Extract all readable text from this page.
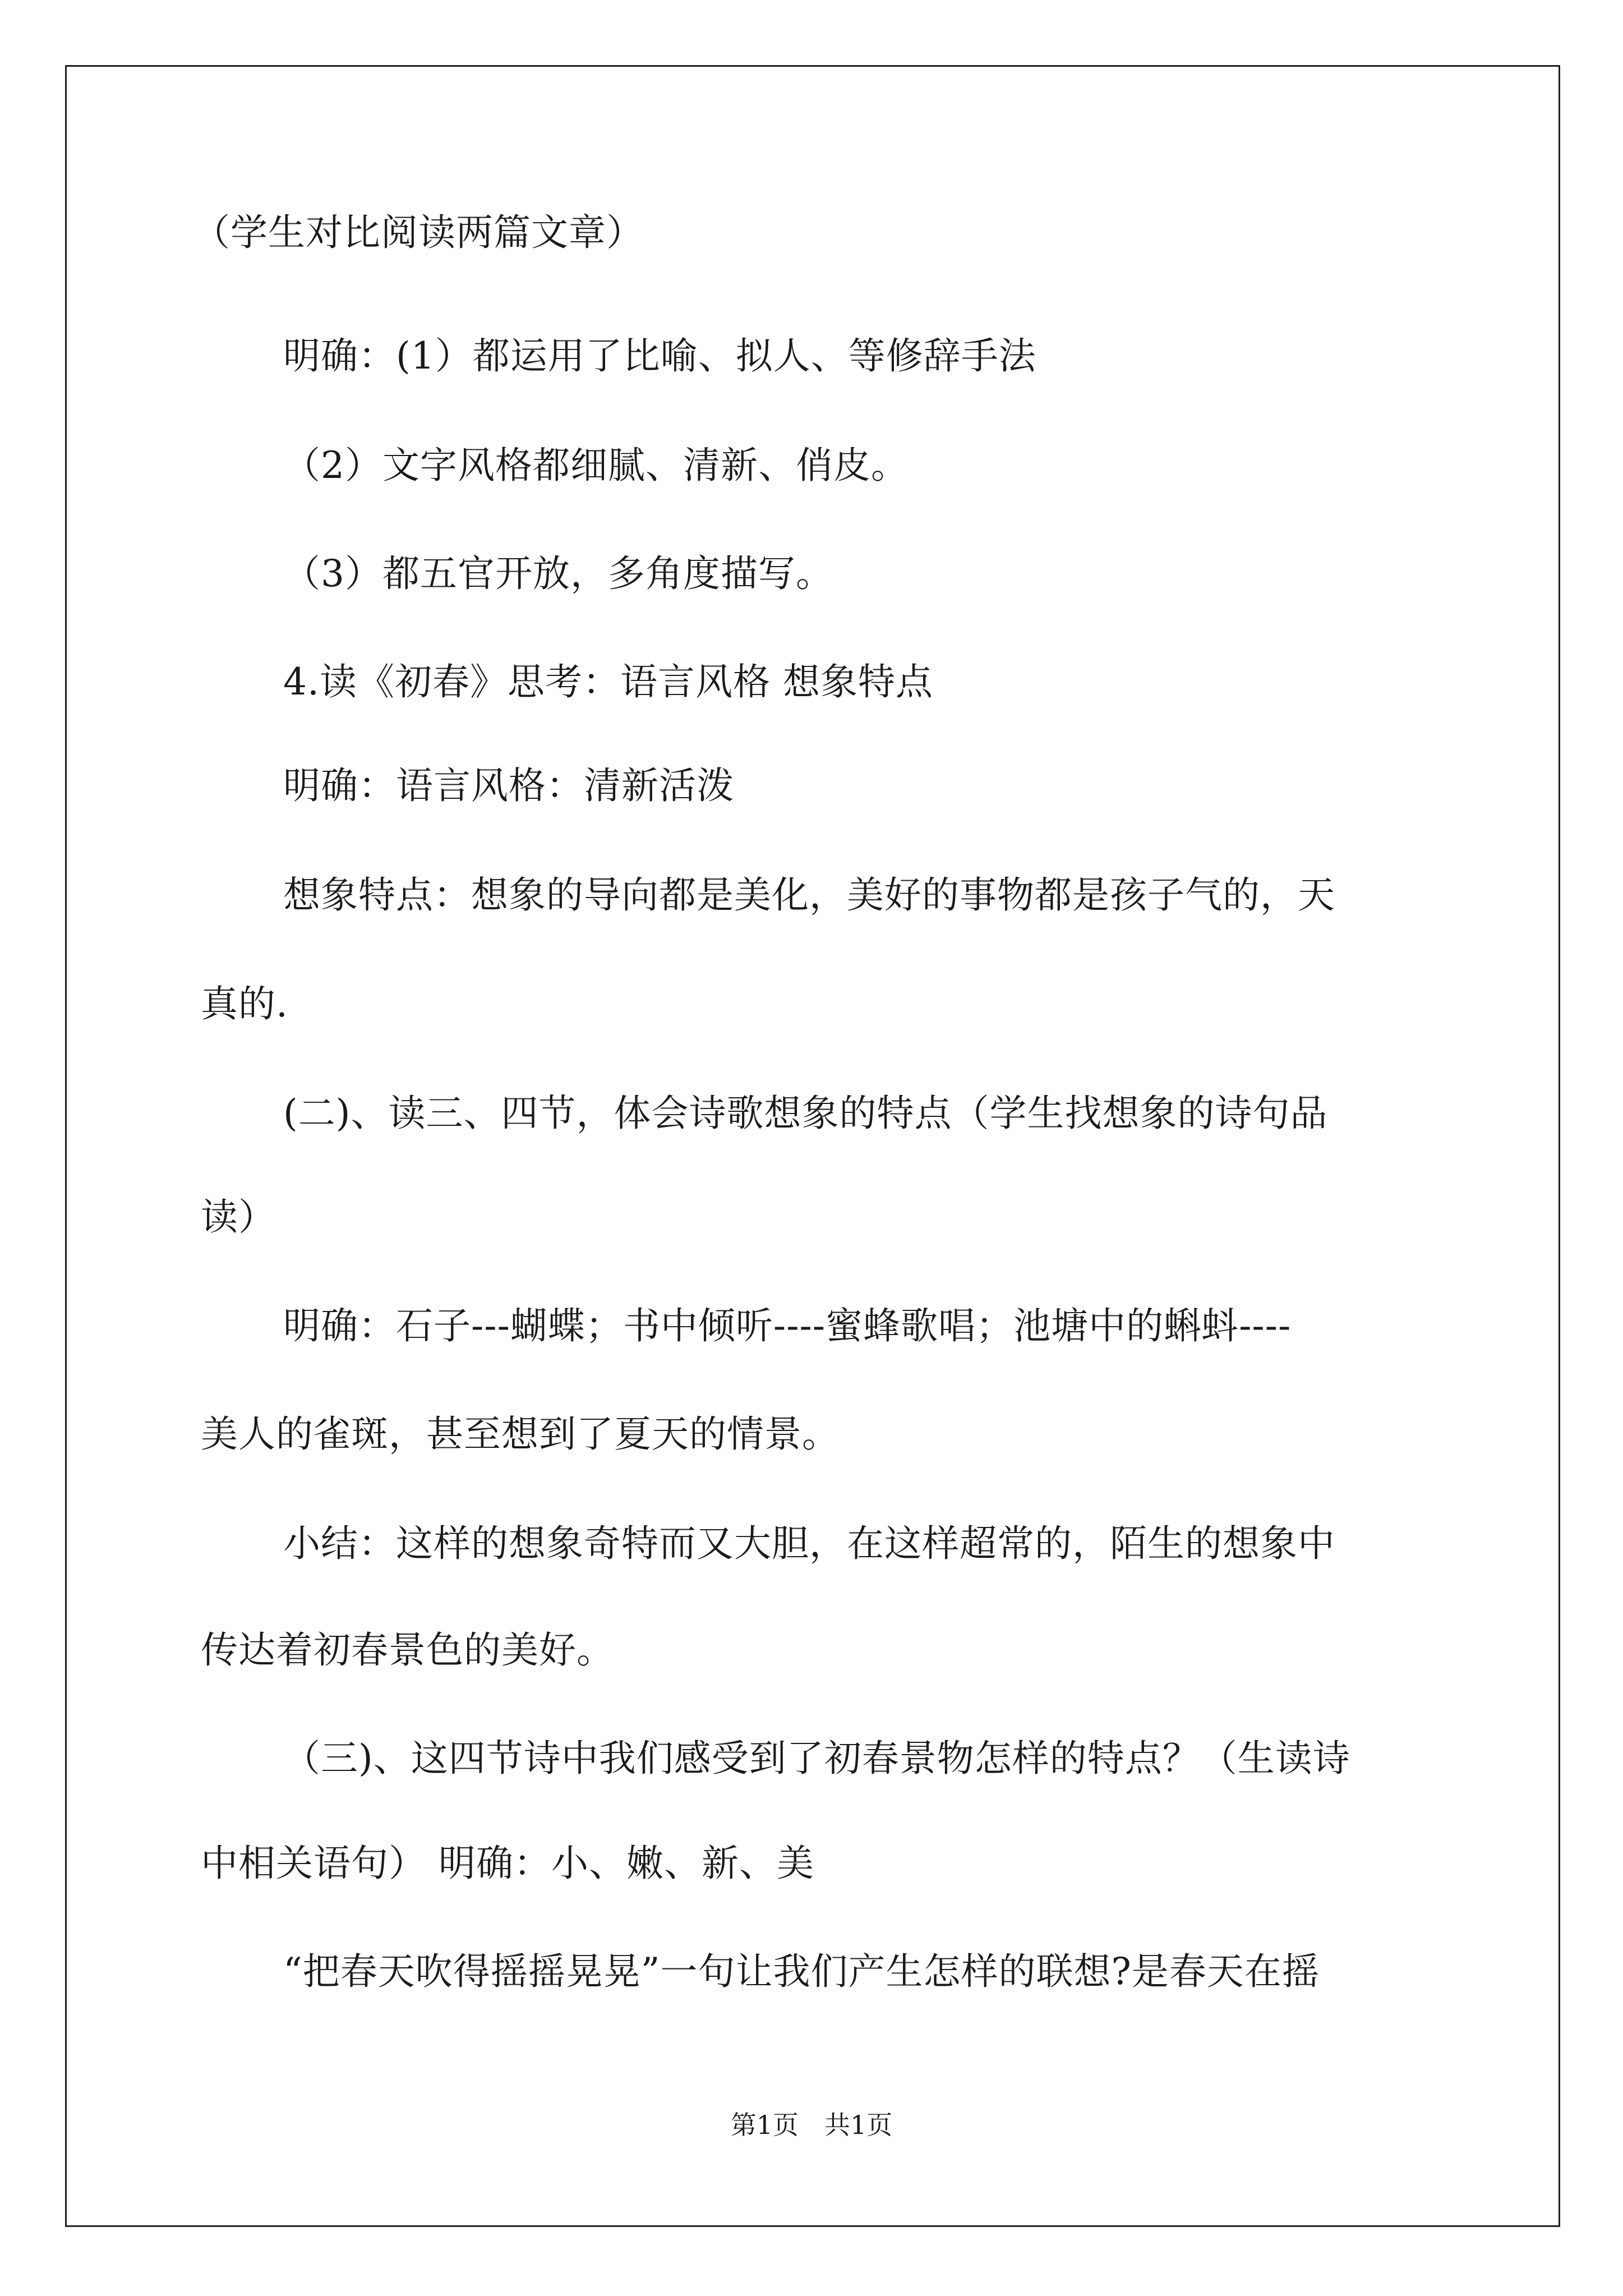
（学生对比阅读两篇文章）
明确：(1）都运用了比喻、拟人、等修辞手法
（2）文字风格都细腻、清新、俏皮。
（3）都五官开放，多角度描写。
4.读《初春》思考：语言风格 想象特点
明确：语言风格：清新活泼
想象特点：想象的导向都是美化，美好的事物都是孩子气的，天
真的.
(二)、读三、四节，体会诗歌想象的特点（学生找想象的诗句品
读）
明确：石子---蝴蝶；书中倾听----蜜蜂歌唱；池塘中的蝌蚪----
美人的雀斑，甚至想到了夏天的情景。
小结：这样的想象奇特而又大胆，在这样超常的，陌生的想象中
传达着初春景色的美好。
（三)、这四节诗中我们感受到了初春景物怎样的特点？（生读诗
中相关语句） 明确：小、嫩、新、美
“把春天吹得摇摇晃晃”一句让我们产生怎样的联想?是春天在摇
第1页　共1页
